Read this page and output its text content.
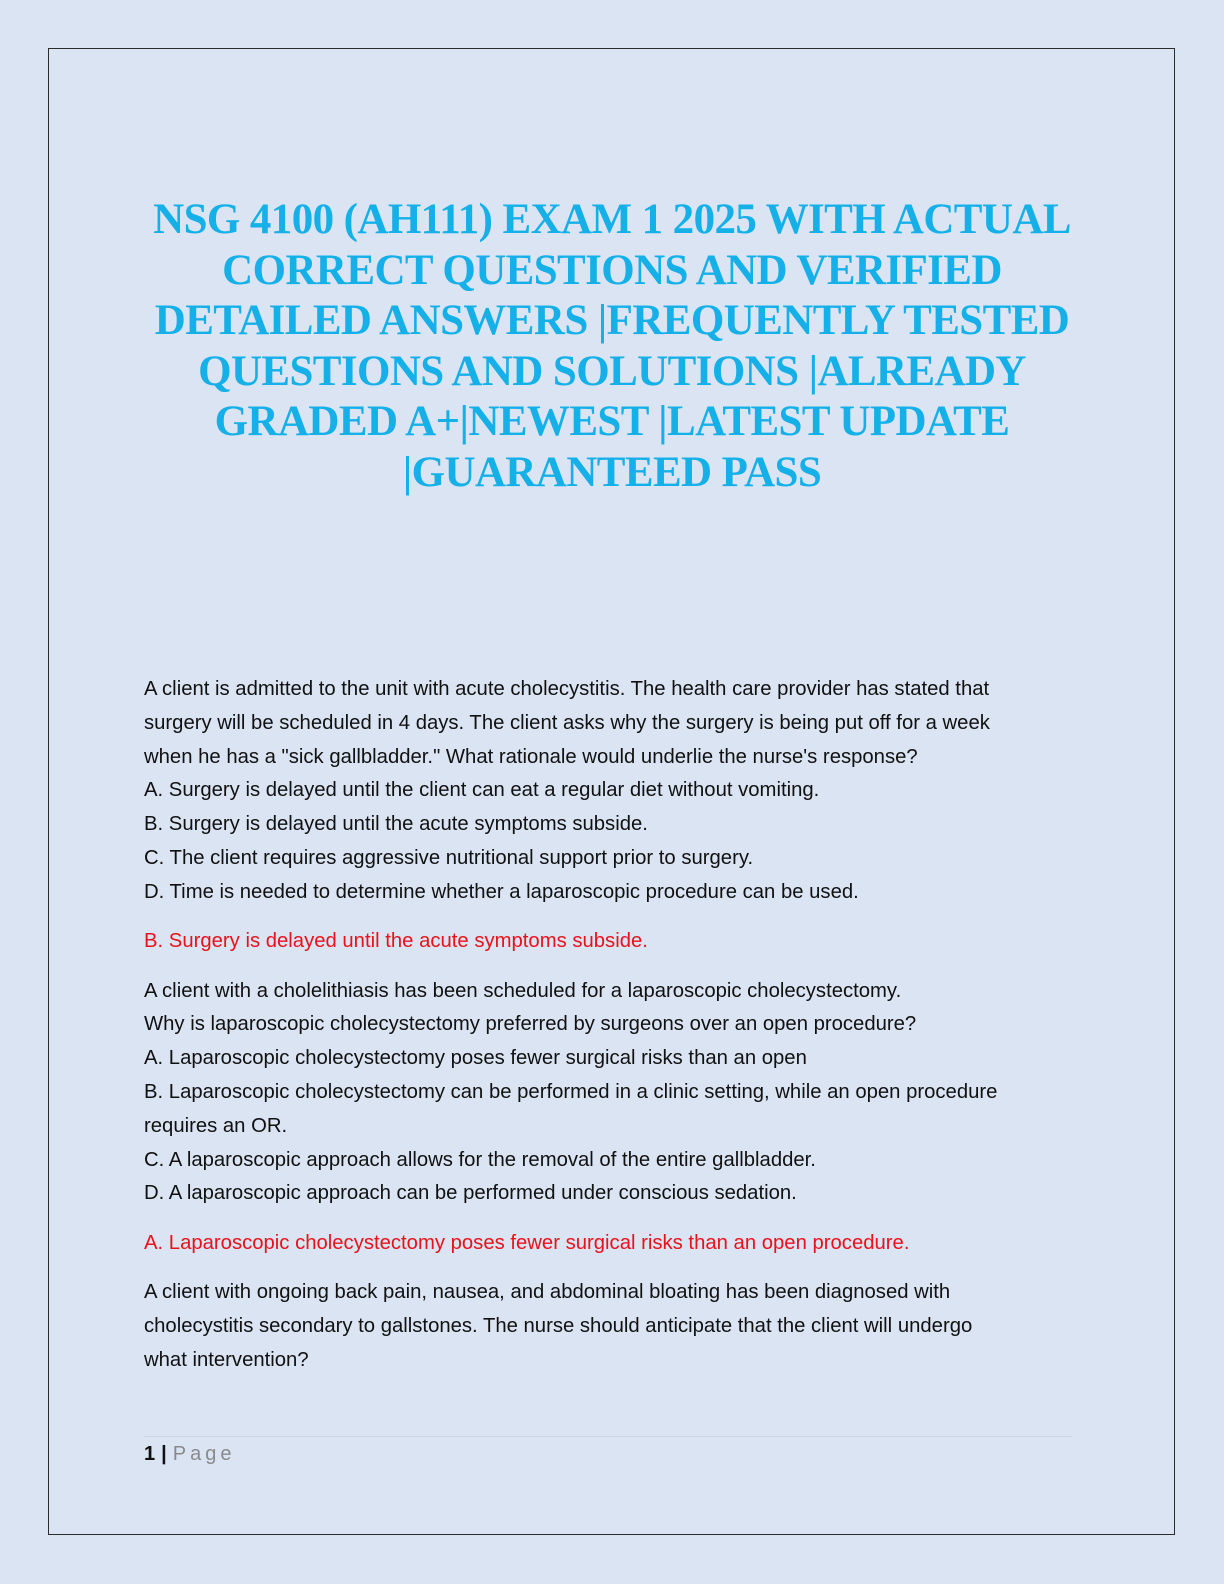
NSG 4100 (AH111) EXAM 1 2025 WITH ACTUAL
CORRECT QUESTIONS AND VERIFIED
DETAILED ANSWERS |FREQUENTLY TESTED
QUESTIONS AND SOLUTIONS |ALREADY
GRADED A+|NEWEST |LATEST UPDATE
|GUARANTEED PASS
A client is admitted to the unit with acute cholecystitis. The health care provider has stated that
surgery will be scheduled in 4 days. The client asks why the surgery is being put off for a week
when he has a "sick gallbladder." What rationale would underlie the nurse's response?
A. Surgery is delayed until the client can eat a regular diet without vomiting.
B. Surgery is delayed until the acute symptoms subside.
C. The client requires aggressive nutritional support prior to surgery.
D. Time is needed to determine whether a laparoscopic procedure can be used.
B. Surgery is delayed until the acute symptoms subside.
A client with a cholelithiasis has been scheduled for a laparoscopic cholecystectomy.
Why is laparoscopic cholecystectomy preferred by surgeons over an open procedure?
A. Laparoscopic cholecystectomy poses fewer surgical risks than an open
B. Laparoscopic cholecystectomy can be performed in a clinic setting, while an open procedure
requires an OR.
C. A laparoscopic approach allows for the removal of the entire gallbladder.
D. A laparoscopic approach can be performed under conscious sedation.
A. Laparoscopic cholecystectomy poses fewer surgical risks than an open procedure.
A client with ongoing back pain, nausea, and abdominal bloating has been diagnosed with
cholecystitis secondary to gallstones. The nurse should anticipate that the client will undergo
what intervention?
1 | Page
